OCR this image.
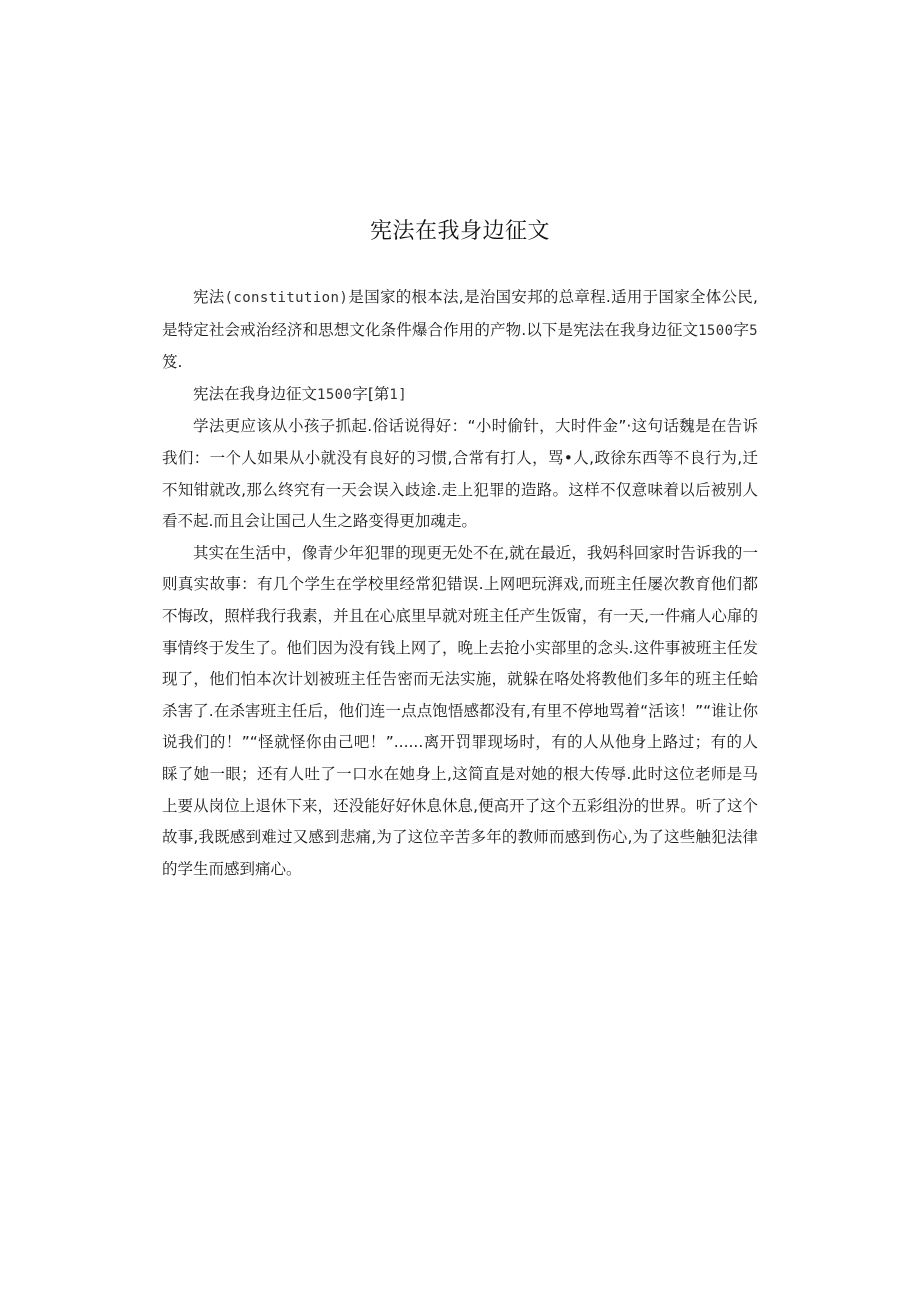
宪法在我身边征文

宪法(constitution)是国家的根本法,是治国安邦的总章程.适用于国家全体公民,是特定社会戒治经济和思想文化条件爆合作用的产物.以下是宪法在我身边征文1500字5笈.

宪法在我身边征文1500字[第1]

学法更应该从小孩子抓起.俗话说得好：“小时偷针，大时件金”·这句话魏是在告诉我们：一个人如果从小就没有良好的习惯,合常有打人，骂•人,政徐东西等不良行为,迁不知钳就改,那么终究有一天会误入歧途.走上犯罪的造路。这样不仅意味着以后被别人看不起.而且会让国己人生之路变得更加魂走。

其实在生活中，像青少年犯罪的现更无处不在,就在最近，我妈科回家时告诉我的一则真实故事：有几个学生在学校里经常犯错误.上网吧玩湃戏,而班主任屡次教育他们都不悔改，照样我行我素，并且在心底里早就对班主任产生饭甯，有一天,一件痛人心扉的事情终于发生了。他们因为没有钱上网了，晚上去抢小实部里的念头.这件事被班主任发现了，他们怕本次计划被班主任告密而无法实施，就躲在咯处将教他们多年的班主任蛤杀害了.在杀害班主任后，他们连一点点饱悟感都没有,有里不停地骂着“活该！”“谁让你说我们的！”“怪就怪你由己吧！”......离开罚罪现场时，有的人从他身上路过；有的人睬了她一眼；还有人吐了一口水在她身上,这简直是对她的根大传辱.此时这位老师是马上要从岗位上退休下来，还没能好好休息休息,便高开了这个五彩组汾的世界。听了这个故事,我既感到难过又感到悲痛,为了这位辛苦多年的教师而感到伤心,为了这些触犯法律的学生而感到痛心。
